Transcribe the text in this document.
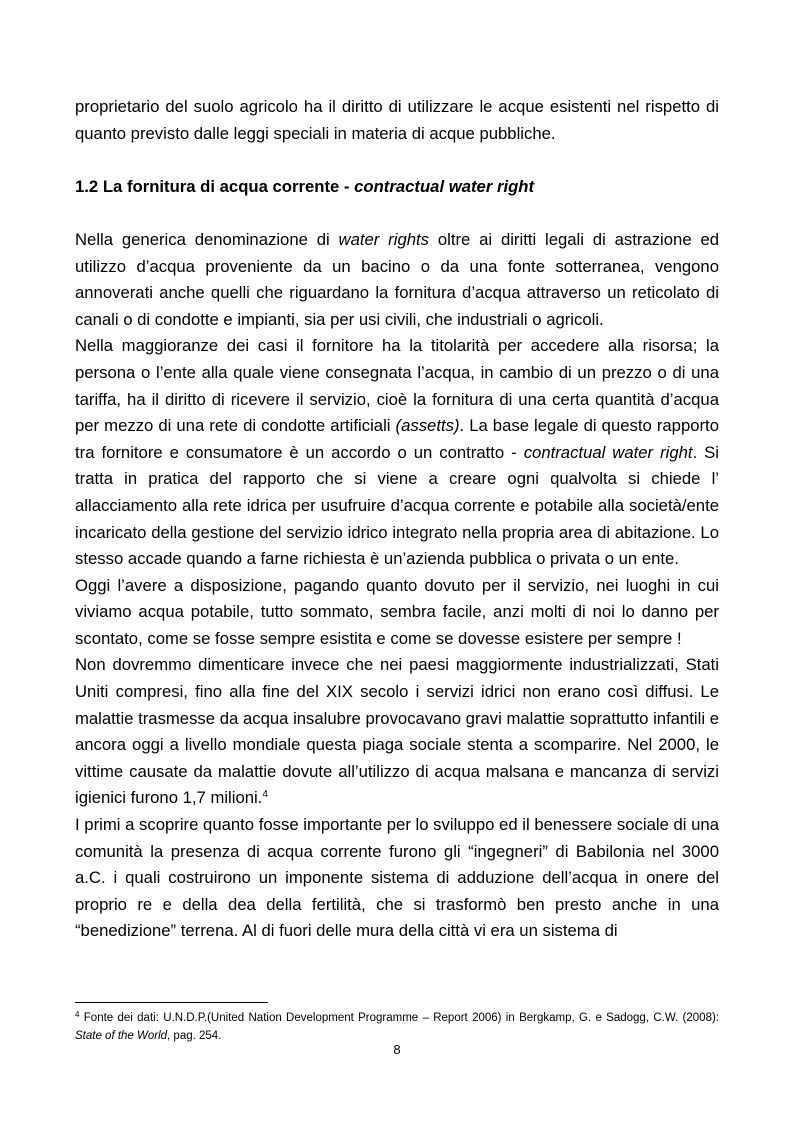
proprietario del suolo agricolo ha il diritto di utilizzare le acque esistenti nel rispetto di quanto previsto dalle leggi speciali in materia di acque pubbliche.

1.2 La fornitura di acqua corrente - contractual water right

Nella generica denominazione di water rights oltre ai diritti legali di astrazione ed utilizzo d’acqua proveniente da un bacino o da una fonte sotterranea, vengono annoverati anche quelli che riguardano la fornitura d’acqua attraverso un reticolato di canali o di condotte e impianti, sia per usi civili, che industriali o agricoli.

Nella maggioranze dei casi il fornitore ha la titolarità per accedere alla risorsa; la persona o l’ente alla quale viene consegnata l’acqua, in cambio di un prezzo o di una tariffa, ha il diritto di ricevere il servizio, cioè la fornitura di una certa quantità d’acqua per mezzo di una rete di condotte artificiali (assetts). La base legale di questo rapporto tra fornitore e consumatore è un accordo o un contratto - contractual water right. Si tratta in pratica del rapporto che si viene a creare ogni qualvolta si chiede l’ allacciamento alla rete idrica per usufruire d’acqua corrente e potabile alla società/ente incaricato della gestione del servizio idrico integrato nella propria area di abitazione. Lo stesso accade quando a farne richiesta è un’azienda pubblica o privata o un ente.

Oggi l’avere a disposizione, pagando quanto dovuto per il servizio, nei luoghi in cui viviamo acqua potabile, tutto sommato, sembra facile, anzi molti di noi lo danno per scontato, come se fosse sempre esistita e come se dovesse esistere per sempre !

Non dovremmo dimenticare invece che nei paesi maggiormente industrializzati, Stati Uniti compresi, fino alla fine del XIX secolo i servizi idrici non erano così diffusi. Le malattie trasmesse da acqua insalubre provocavano gravi malattie soprattutto infantili e ancora oggi a livello mondiale questa piaga sociale stenta a scomparire. Nel 2000, le vittime causate da malattie dovute all’utilizzo di acqua malsana e mancanza di servizi igienici furono 1,7 milioni.$^4$

I primi a scoprire quanto fosse importante per lo sviluppo ed il benessere sociale di una comunità la presenza di acqua corrente furono gli “ingegneri” di Babilonia nel 3000 a.C. i quali costruirono un imponente sistema di adduzione dell’acqua in onere del proprio re e della dea della fertilità, che si trasformò ben presto anche in una “benedizione” terrena. Al di fuori delle mura della città vi era un sistema di

$^4$ Fonte dei dati: U.N.D.P.(United Nation Development Programme – Report 2006) in Bergkamp, G. e Sadogg, C.W. (2008): State of the World, pag. 254.
8
